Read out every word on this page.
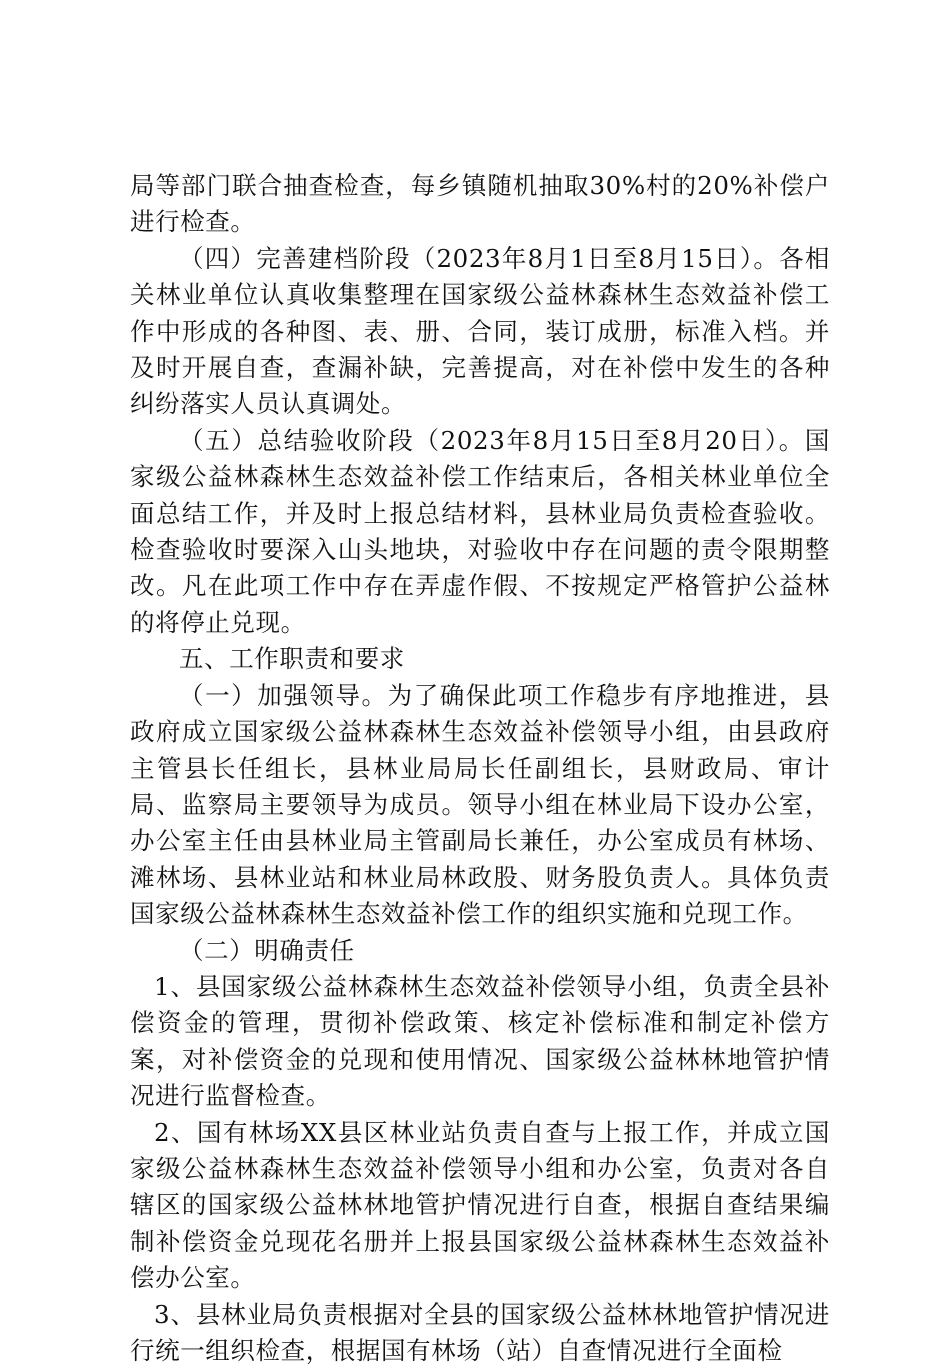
局等部门联合抽查检查，每乡镇随机抽取30%村的20%补偿户进行检查。

（四）完善建档阶段（2023年8月1日至8月15日）。各相关林业单位认真收集整理在国家级公益林森林生态效益补偿工作中形成的各种图、表、册、合同，装订成册，标准入档。并及时开展自查，查漏补缺，完善提高，对在补偿中发生的各种纠纷落实人员认真调处。

（五）总结验收阶段（2023年8月15日至8月20日）。国家级公益林森林生态效益补偿工作结束后，各相关林业单位全面总结工作，并及时上报总结材料，县林业局负责检查验收。检查验收时要深入山头地块，对验收中存在问题的责令限期整改。凡在此项工作中存在弄虚作假、不按规定严格管护公益林的将停止兑现。

五、工作职责和要求

（一）加强领导。为了确保此项工作稳步有序地推进，县政府成立国家级公益林森林生态效益补偿领导小组，由县政府主管县长任组长，县林业局局长任副组长，县财政局、审计局、监察局主要领导为成员。领导小组在林业局下设办公室，办公室主任由县林业局主管副局长兼任，办公室成员有林场、滩林场、县林业站和林业局林政股、财务股负责人。具体负责国家级公益林森林生态效益补偿工作的组织实施和兑现工作。

（二）明确责任

1、县国家级公益林森林生态效益补偿领导小组，负责全县补偿资金的管理，贯彻补偿政策、核定补偿标准和制定补偿方案，对补偿资金的兑现和使用情况、国家级公益林林地管护情况进行监督检查。

2、国有林场XX县区林业站负责自查与上报工作，并成立国家级公益林森林生态效益补偿领导小组和办公室，负责对各自辖区的国家级公益林林地管护情况进行自查，根据自查结果编制补偿资金兑现花名册并上报县国家级公益林森林生态效益补偿办公室。

3、县林业局负责根据对全县的国家级公益林林地管护情况进行统一组织检查，根据国有林场（站）自查情况进行全面检
